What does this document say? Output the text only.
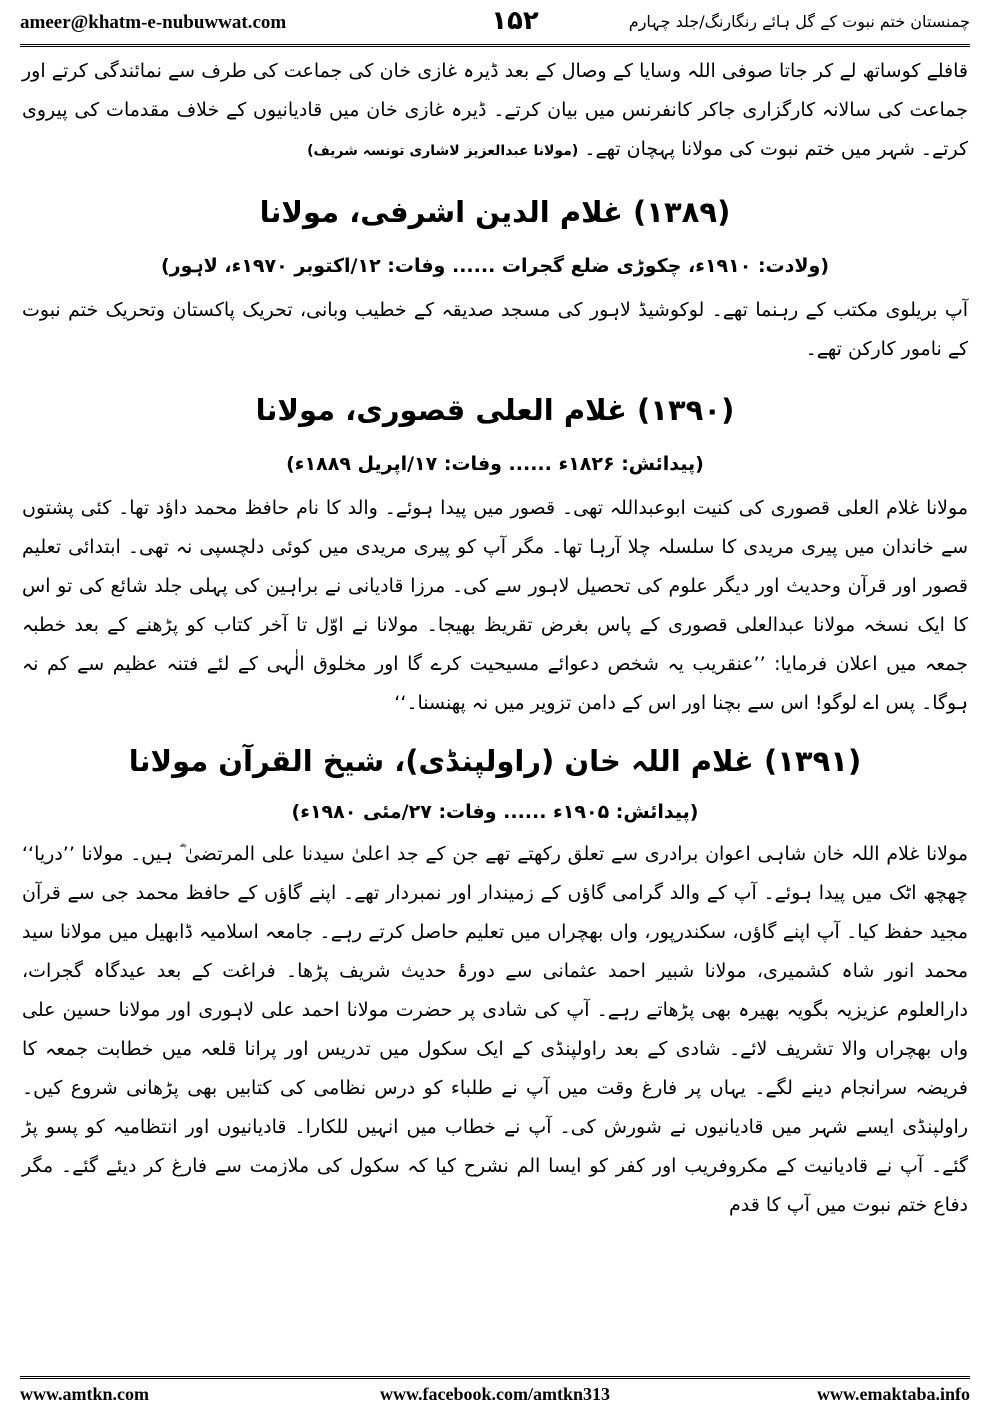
ameer@khatm-e-nubuwwat.com	۱۵۲	چمنستان ختم نبوت کے گل ہائے رنگارنگ/جلد چہارم

قافلے کوساتھ لے کر جاتا صوفی اللہ وسایا کے وصال کے بعد ڈیرہ غازی خان کی جماعت کی طرف سے نمائندگی کرتے اور جماعت کی سالانہ کارگزاری جاکر کانفرنس میں بیان کرتے۔ ڈیرہ غازی خان میں قادیانیوں کے خلاف مقدمات کی پیروی کرتے۔ شہر میں ختم نبوت کی مولانا پہچان تھے۔ (مولانا عبدالعزیز لاشاری تونسہ شریف)

(۱۳۸۹) غلام الدین اشرفی، مولانا

(ولادت: ۱۹۱۰ء، چکوڑی ضلع گجرات ...... وفات: ۱۲/اکتوبر ۱۹۷۰ء، لاہور)

آپ بریلوی مکتب کے رہنما تھے۔ لوکوشیڈ لاہور کی مسجد صدیقہ کے خطیب وبانی، تحریک پاکستان وتحریک ختم نبوت کے نامور کارکن تھے۔

(۱۳۹۰) غلام العلی قصوری، مولانا

(پیدائش: ۱۸۲۶ء ...... وفات: ۱۷/اپریل ۱۸۸۹ء)

مولانا غلام العلی قصوری کی کنیت ابوعبداللہ تھی۔ قصور میں پیدا ہوئے۔ والد کا نام حافظ محمد داؤد تھا۔ کئی پشتوں سے خاندان میں پیری مریدی کا سلسلہ چلا آرہا تھا۔ مگر آپ کو پیری مریدی میں کوئی دلچسپی نہ تھی۔ ابتدائی تعلیم قصور اور قرآن وحدیث اور دیگر علوم کی تحصیل لاہور سے کی۔ مرزا قادیانی نے براہین کی پہلی جلد شائع کی تو اس کا ایک نسخہ مولانا عبدالعلی قصوری کے پاس بغرض تقریظ بھیجا۔ مولانا نے اوّل تا آخر کتاب کو پڑھنے کے بعد خطبہ جمعہ میں اعلان فرمایا: ’’عنقریب یہ شخص دعوائے مسیحیت کرے گا اور مخلوق الٰہی کے لئے فتنہ عظیم سے کم نہ ہوگا۔ پس اے لوگو! اس سے بچنا اور اس کے دامن تزویر میں نہ پھنسنا۔‘‘

(۱۳۹۱) غلام اللہ خان (راولپنڈی)، شیخ القرآن مولانا

(پیدائش: ۱۹۰۵ء ...... وفات: ۲۷/مئی ۱۹۸۰ء)

مولانا غلام اللہ خان شاہی اعوان برادری سے تعلق رکھتے تھے جن کے جد اعلیٰ سیدنا علی المرتضیٰ ؓ ہیں۔ مولانا ’’دریا‘‘ چھچھ اٹک میں پیدا ہوئے۔ آپ کے والد گرامی گاؤں کے زمیندار اور نمبردار تھے۔ اپنے گاؤں کے حافظ محمد جی سے قرآن مجید حفظ کیا۔ آپ اپنے گاؤں، سکندرپور، واں بھچراں میں تعلیم حاصل کرتے رہے۔ جامعہ اسلامیہ ڈابھیل میں مولانا سید محمد انور شاہ کشمیری، مولانا شبیر احمد عثمانی سے دورۂ حدیث شریف پڑھا۔ فراغت کے بعد عیدگاہ گجرات، دارالعلوم عزیزیہ بگویہ بھیرہ بھی پڑھاتے رہے۔ آپ کی شادی پر حضرت مولانا احمد علی لاہوری اور مولانا حسین علی واں بھچراں والا تشریف لائے۔ شادی کے بعد راولپنڈی کے ایک سکول میں تدریس اور پرانا قلعہ میں خطابت جمعہ کا فریضہ سرانجام دینے لگے۔ یہاں پر فارغ وقت میں آپ نے طلباء کو درس نظامی کی کتابیں بھی پڑھانی شروع کیں۔ راولپنڈی ایسے شہر میں قادیانیوں نے شورش کی۔ آپ نے خطاب میں انہیں للکارا۔ قادیانیوں اور انتظامیہ کو پسو پڑ گئے۔ آپ نے قادیانیت کے مکروفریب اور کفر کو ایسا الم نشرح کیا کہ سکول کی ملازمت سے فارغ کر دیئے گئے۔ مگر دفاع ختم نبوت میں آپ کا قدم

www.amtkn.com	www.facebook.com/amtkn313	www.emaktaba.info
